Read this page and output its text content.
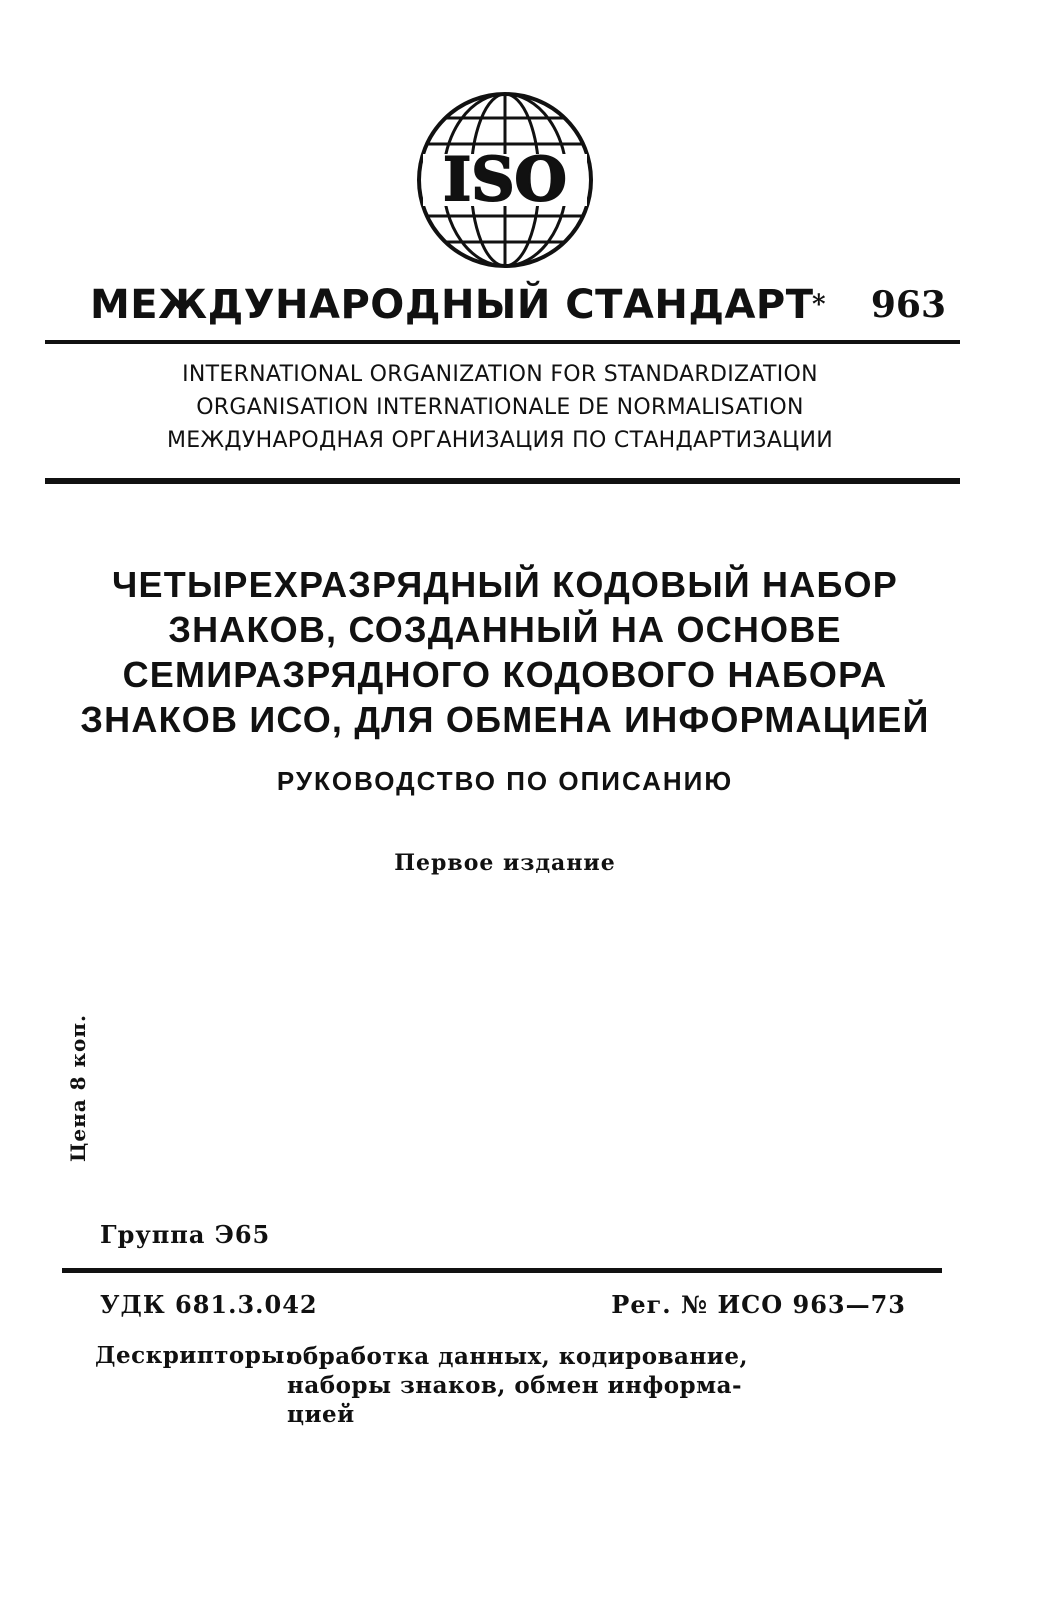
ISO
МЕЖДУНАРОДНЫЙ СТАНДАРТ
*	963
INTERNATIONAL ORGANIZATION FOR STANDARDIZATION
ORGANISATION INTERNATIONALE DE NORMALISATION
МЕЖДУНАРОДНАЯ ОРГАНИЗАЦИЯ ПО СТАНДАРТИЗАЦИИ
ЧЕТЫРЕХРАЗРЯДНЫЙ КОДОВЫЙ НАБОР
ЗНАКОВ, СОЗДАННЫЙ НА ОСНОВЕ
СЕМИРАЗРЯДНОГО КОДОВОГО НАБОРА
ЗНАКОВ ИСО, ДЛЯ ОБМЕНА ИНФОРМАЦИЕЙ
РУКОВОДСТВО ПО ОПИСАНИЮ
Первое издание
Цена 8 коп.
Группа Э65
УДК 681.3.042	Рег. № ИСО 963—73
Дескрипторы:
обработка данных, кодирование,
наборы знаков, обмен информа-
цией
